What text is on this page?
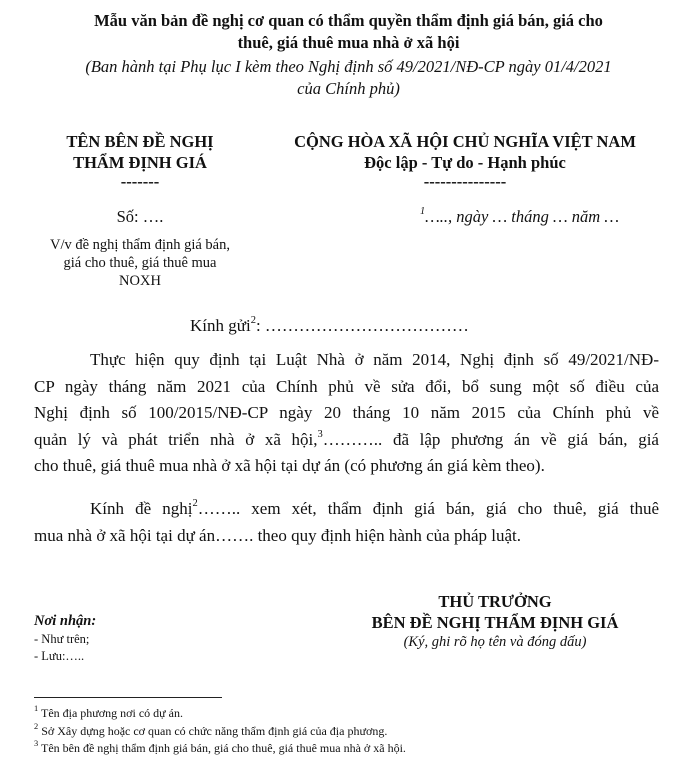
Mẫu văn bản đề nghị cơ quan có thẩm quyền thẩm định giá bán, giá cho
thuê, giá thuê mua nhà ở xã hội
(Ban hành tại Phụ lục I kèm theo Nghị định số 49/2021/NĐ-CP ngày 01/4/2021
của Chính phủ)
TÊN BÊN ĐỀ NGHỊ
THẨM ĐỊNH GIÁ
-------
CỘNG HÒA XÃ HỘI CHỦ NGHĨA VIỆT NAM
Độc lập - Tự do - Hạnh phúc
---------------
Số: ….	$^1$….., ngày … tháng … năm …
V/v đề nghị thẩm định giá bán,
giá cho thuê, giá thuê mua
NOXH
Kính gửi$^2$: ………………………………
Thực hiện quy định tại Luật Nhà ở năm 2014, Nghị định số 49/2021/NĐ-
CP ngày tháng năm 2021 của Chính phủ về sửa đổi, bổ sung một số điều của
Nghị định số 100/2015/NĐ-CP ngày 20 tháng 10 năm 2015 của Chính phủ về
quản lý và phát triển nhà ở xã hội,$^3$……….. đã lập phương án về giá bán, giá
cho thuê, giá thuê mua nhà ở xã hội tại dự án (có phương án giá kèm theo).
Kính đề nghị$^2$…….. xem xét, thẩm định giá bán, giá cho thuê, giá thuê
mua nhà ở xã hội tại dự án……. theo quy định hiện hành của pháp luật.
THỦ TRƯỞNG
BÊN ĐỀ NGHỊ THẨM ĐỊNH GIÁ
(Ký, ghi rõ họ tên và đóng dấu)
Nơi nhận:
- Như trên;
- Lưu:…..
$^1$ Tên địa phương nơi có dự án.
$^2$ Sở Xây dựng hoặc cơ quan có chức năng thẩm định giá của địa phương.
$^3$ Tên bên đề nghị thẩm định giá bán, giá cho thuê, giá thuê mua nhà ở xã hội.
